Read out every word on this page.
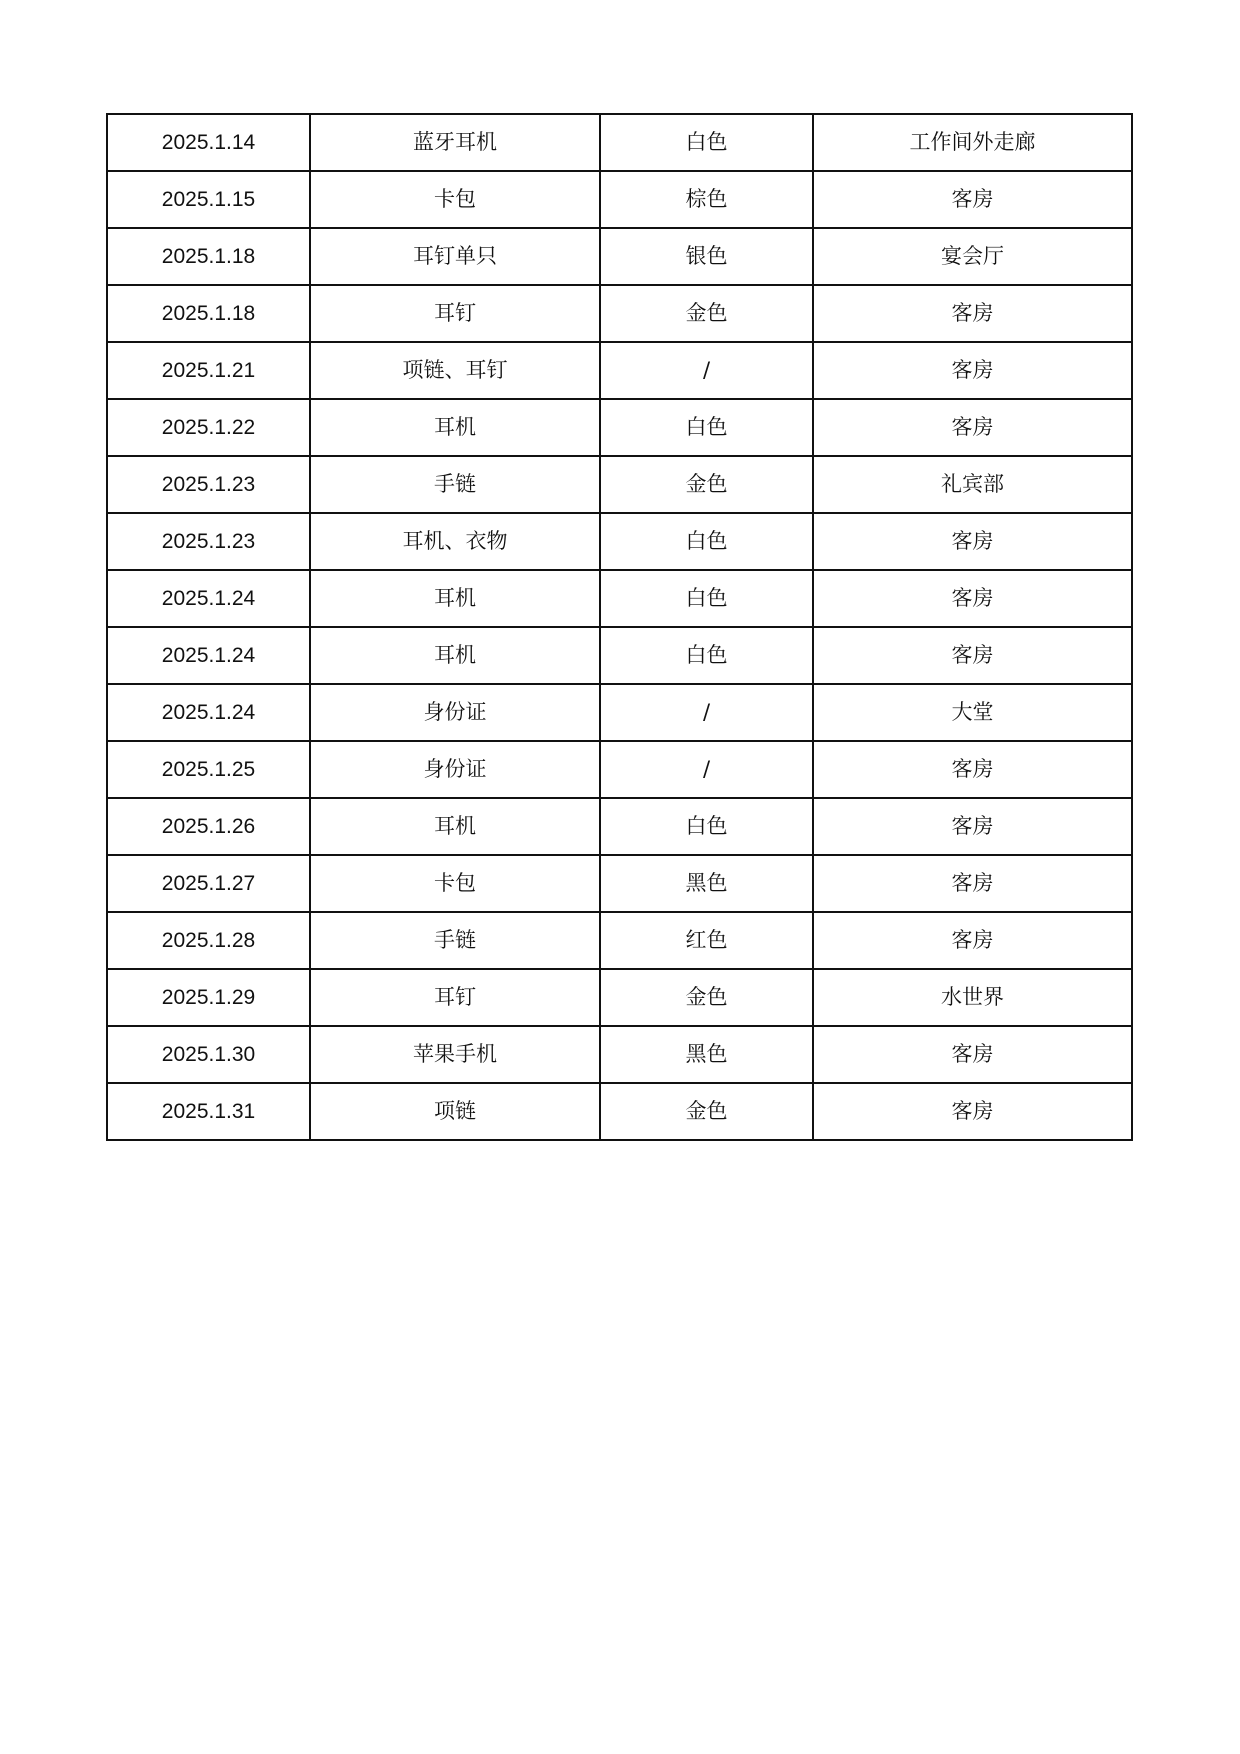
2025.1.14	蓝牙耳机	白色	工作间外走廊
2025.1.15	卡包	棕色	客房
2025.1.18	耳钉单只	银色	宴会厅
2025.1.18	耳钉	金色	客房
2025.1.21	项链、耳钉	/	客房
2025.1.22	耳机	白色	客房
2025.1.23	手链	金色	礼宾部
2025.1.23	耳机、衣物	白色	客房
2025.1.24	耳机	白色	客房
2025.1.24	耳机	白色	客房
2025.1.24	身份证	/	大堂
2025.1.25	身份证	/	客房
2025.1.26	耳机	白色	客房
2025.1.27	卡包	黑色	客房
2025.1.28	手链	红色	客房
2025.1.29	耳钉	金色	水世界
2025.1.30	苹果手机	黑色	客房
2025.1.31	项链	金色	客房
